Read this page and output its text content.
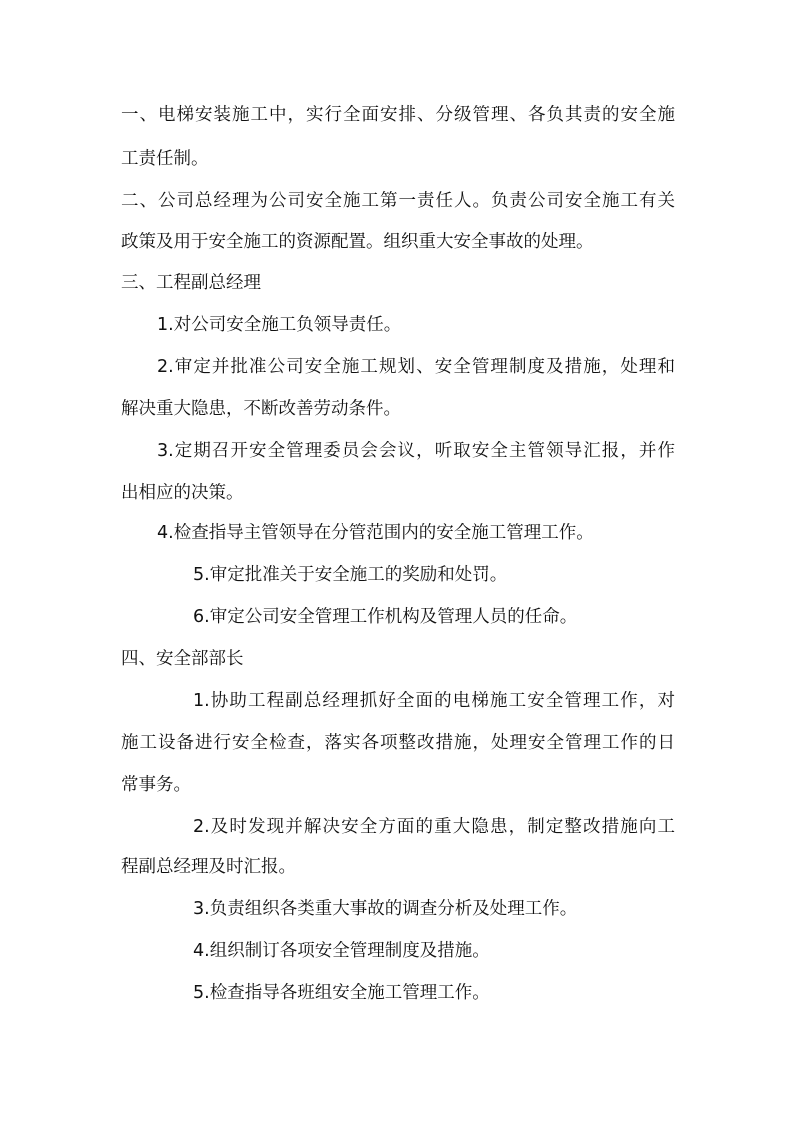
一、电梯安装施工中，实行全面安排、分级管理、各负其责的安全施
工责任制。
二、公司总经理为公司安全施工第一责任人。负责公司安全施工有关
政策及用于安全施工的资源配置。组织重大安全事故的处理。
三、工程副总经理
1.对公司安全施工负领导责任。
2.审定并批准公司安全施工规划、安全管理制度及措施，处理和
解决重大隐患，不断改善劳动条件。
3.定期召开安全管理委员会会议，听取安全主管领导汇报，并作
出相应的决策。
4.检查指导主管领导在分管范围内的安全施工管理工作。
5.审定批准关于安全施工的奖励和处罚。
6.审定公司安全管理工作机构及管理人员的任命。
四、安全部部长
1.协助工程副总经理抓好全面的电梯施工安全管理工作，对
施工设备进行安全检查，落实各项整改措施，处理安全管理工作的日
常事务。
2.及时发现并解决安全方面的重大隐患，制定整改措施向工
程副总经理及时汇报。
3.负责组织各类重大事故的调查分析及处理工作。
4.组织制订各项安全管理制度及措施。
5.检查指导各班组安全施工管理工作。
